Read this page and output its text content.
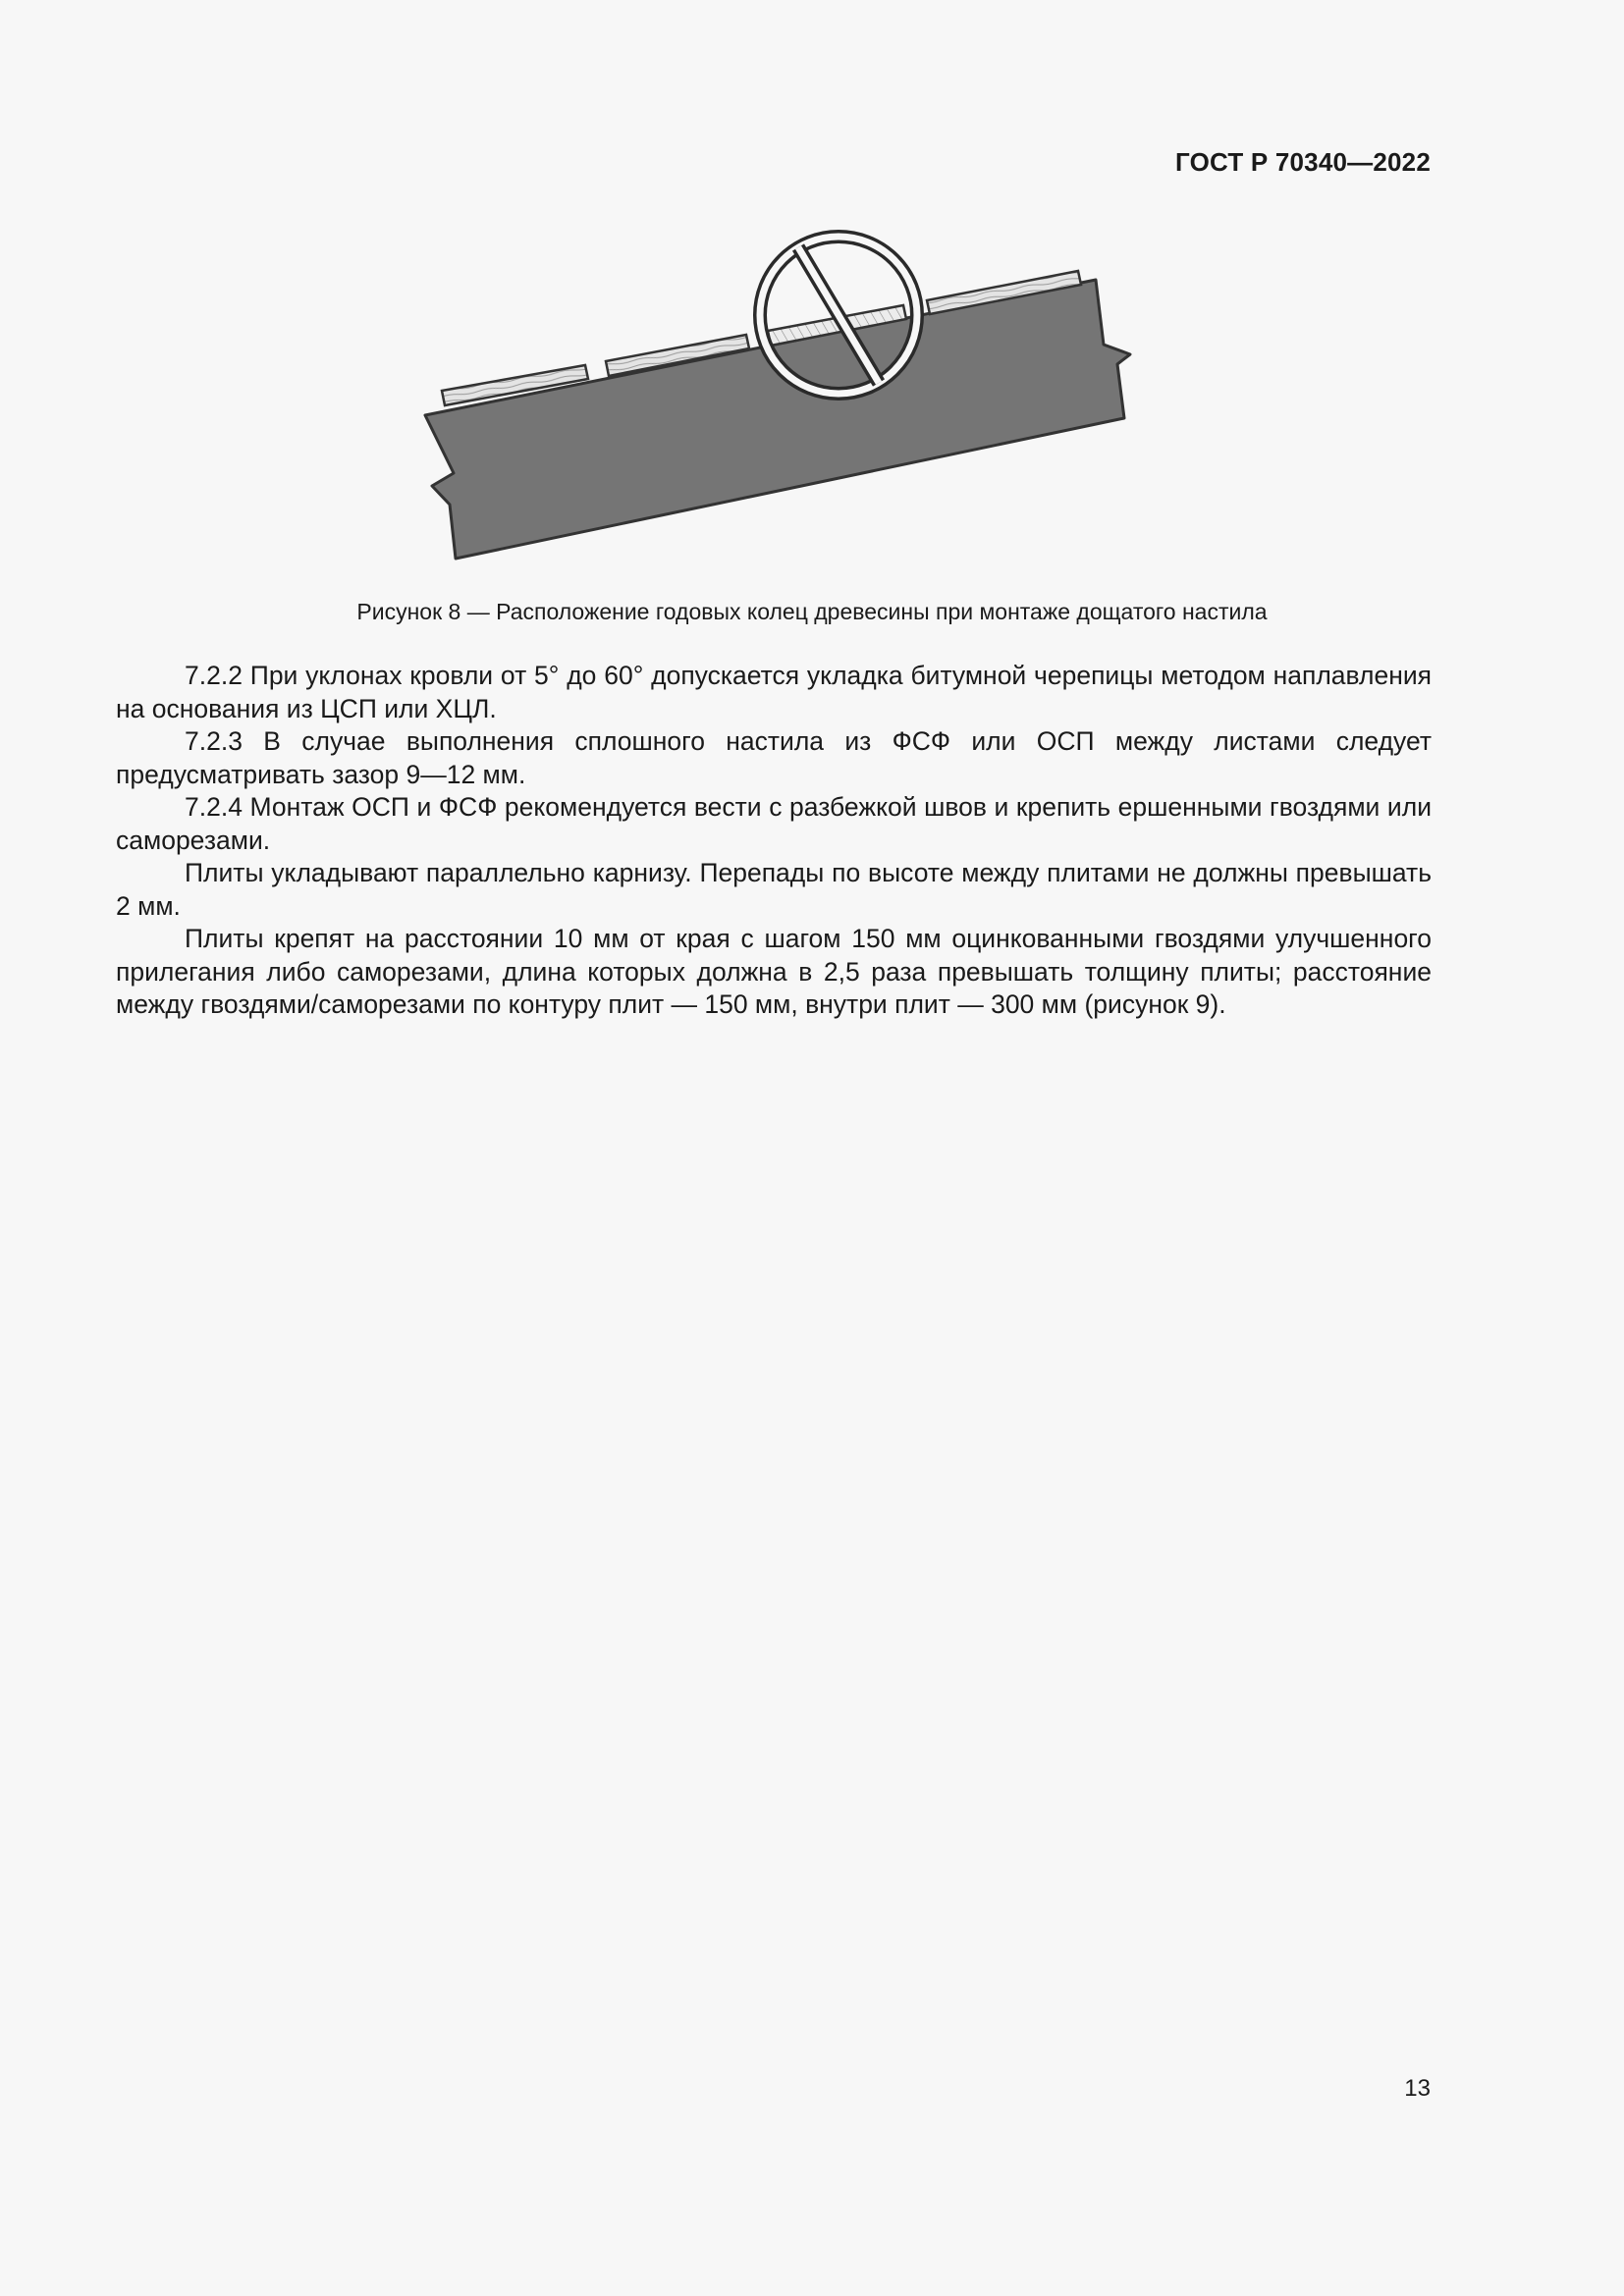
ГОСТ Р 70340—2022
Рисунок 8 — Расположение годовых колец древесины при монтаже дощатого настила

7.2.2 При уклонах кровли от 5° до 60° допускается укладка битумной черепицы методом наплавления на основания из ЦСП или ХЦЛ.

7.2.3 В случае выполнения сплошного настила из ФСФ или ОСП между листами следует предусматривать зазор 9—12 мм.

7.2.4 Монтаж ОСП и ФСФ рекомендуется вести с разбежкой швов и крепить ершенными гвоздями или саморезами.

Плиты укладывают параллельно карнизу. Перепады по высоте между плитами не должны превышать 2 мм.

Плиты крепят на расстоянии 10 мм от края с шагом 150 мм оцинкованными гвоздями улучшенного прилегания либо саморезами, длина которых должна в 2,5 раза превышать толщину плиты; расстояние между гвоздями/саморезами по контуру плит — 150 мм, внутри плит — 300 мм (рисунок 9).

13
